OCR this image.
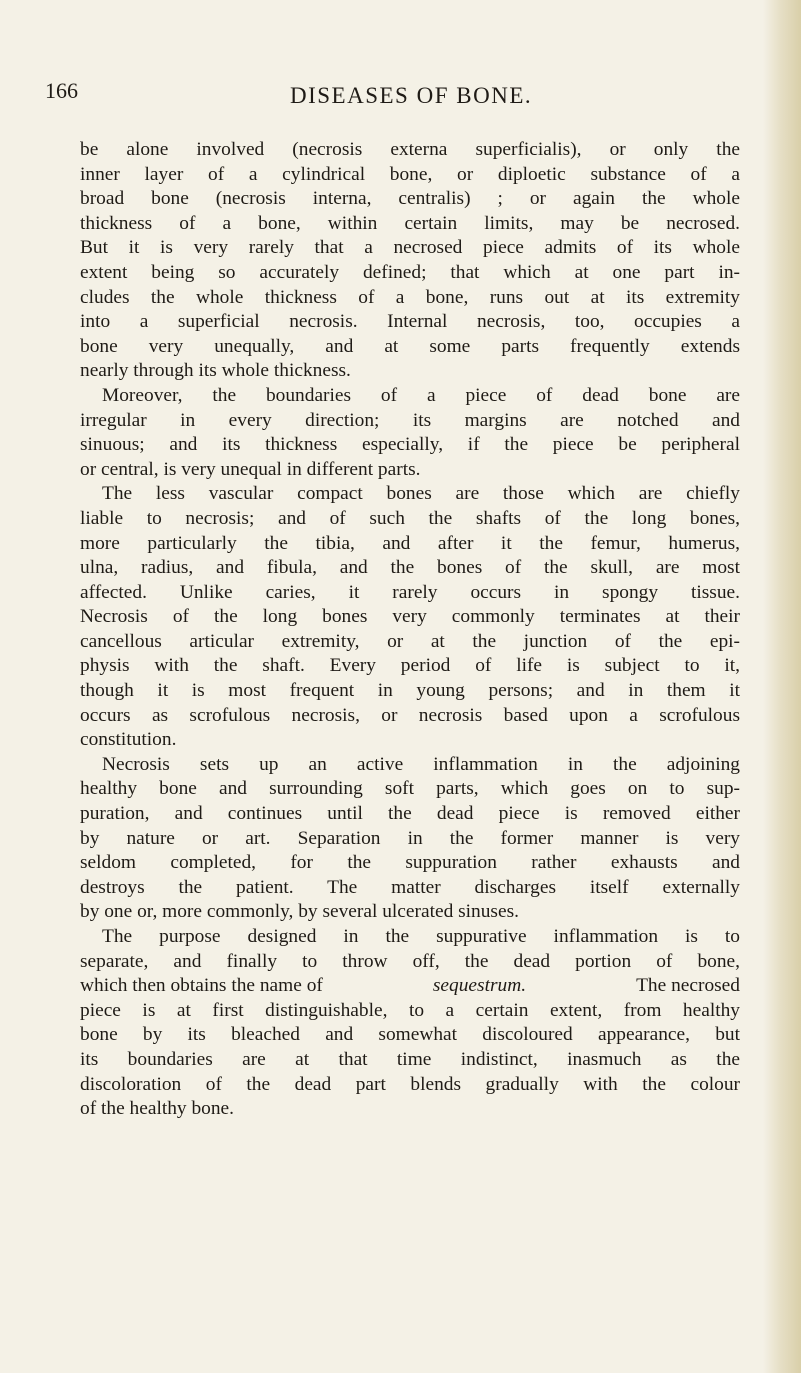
166	DISEASES OF BONE.

be alone involved (necrosis externa superficialis), or only the
inner layer of a cylindrical bone, or diploetic substance of a
broad bone (necrosis interna, centralis) ; or again the whole
thickness of a bone, within certain limits, may be necrosed.
But it is very rarely that a necrosed piece admits of its whole
extent being so accurately defined; that which at one part in-
cludes the whole thickness of a bone, runs out at its extremity
into a superficial necrosis. Internal necrosis, too, occupies a
bone very unequally, and at some parts frequently extends
nearly through its whole thickness.

Moreover, the boundaries of a piece of dead bone are
irregular in every direction; its margins are notched and
sinuous; and its thickness especially, if the piece be peripheral
or central, is very unequal in different parts.

The less vascular compact bones are those which are chiefly
liable to necrosis; and of such the shafts of the long bones,
more particularly the tibia, and after it the femur, humerus,
ulna, radius, and fibula, and the bones of the skull, are most
affected. Unlike caries, it rarely occurs in spongy tissue.
Necrosis of the long bones very commonly terminates at their
cancellous articular extremity, or at the junction of the epi-
physis with the shaft. Every period of life is subject to it,
though it is most frequent in young persons; and in them it
occurs as scrofulous necrosis, or necrosis based upon a scrofulous
constitution.

Necrosis sets up an active inflammation in the adjoining
healthy bone and surrounding soft parts, which goes on to sup-
puration, and continues until the dead piece is removed either
by nature or art. Separation in the former manner is very
seldom completed, for the suppuration rather exhausts and
destroys the patient. The matter discharges itself externally
by one or, more commonly, by several ulcerated sinuses.

The purpose designed in the suppurative inflammation is to
separate, and finally to throw off, the dead portion of bone,
which then obtains the name of	sequestrum.	The necrosed
piece is at first distinguishable, to a certain extent, from healthy
bone by its bleached and somewhat discoloured appearance, but
its boundaries are at that time indistinct, inasmuch as the
discoloration of the dead part blends gradually with the colour
of the healthy bone.
